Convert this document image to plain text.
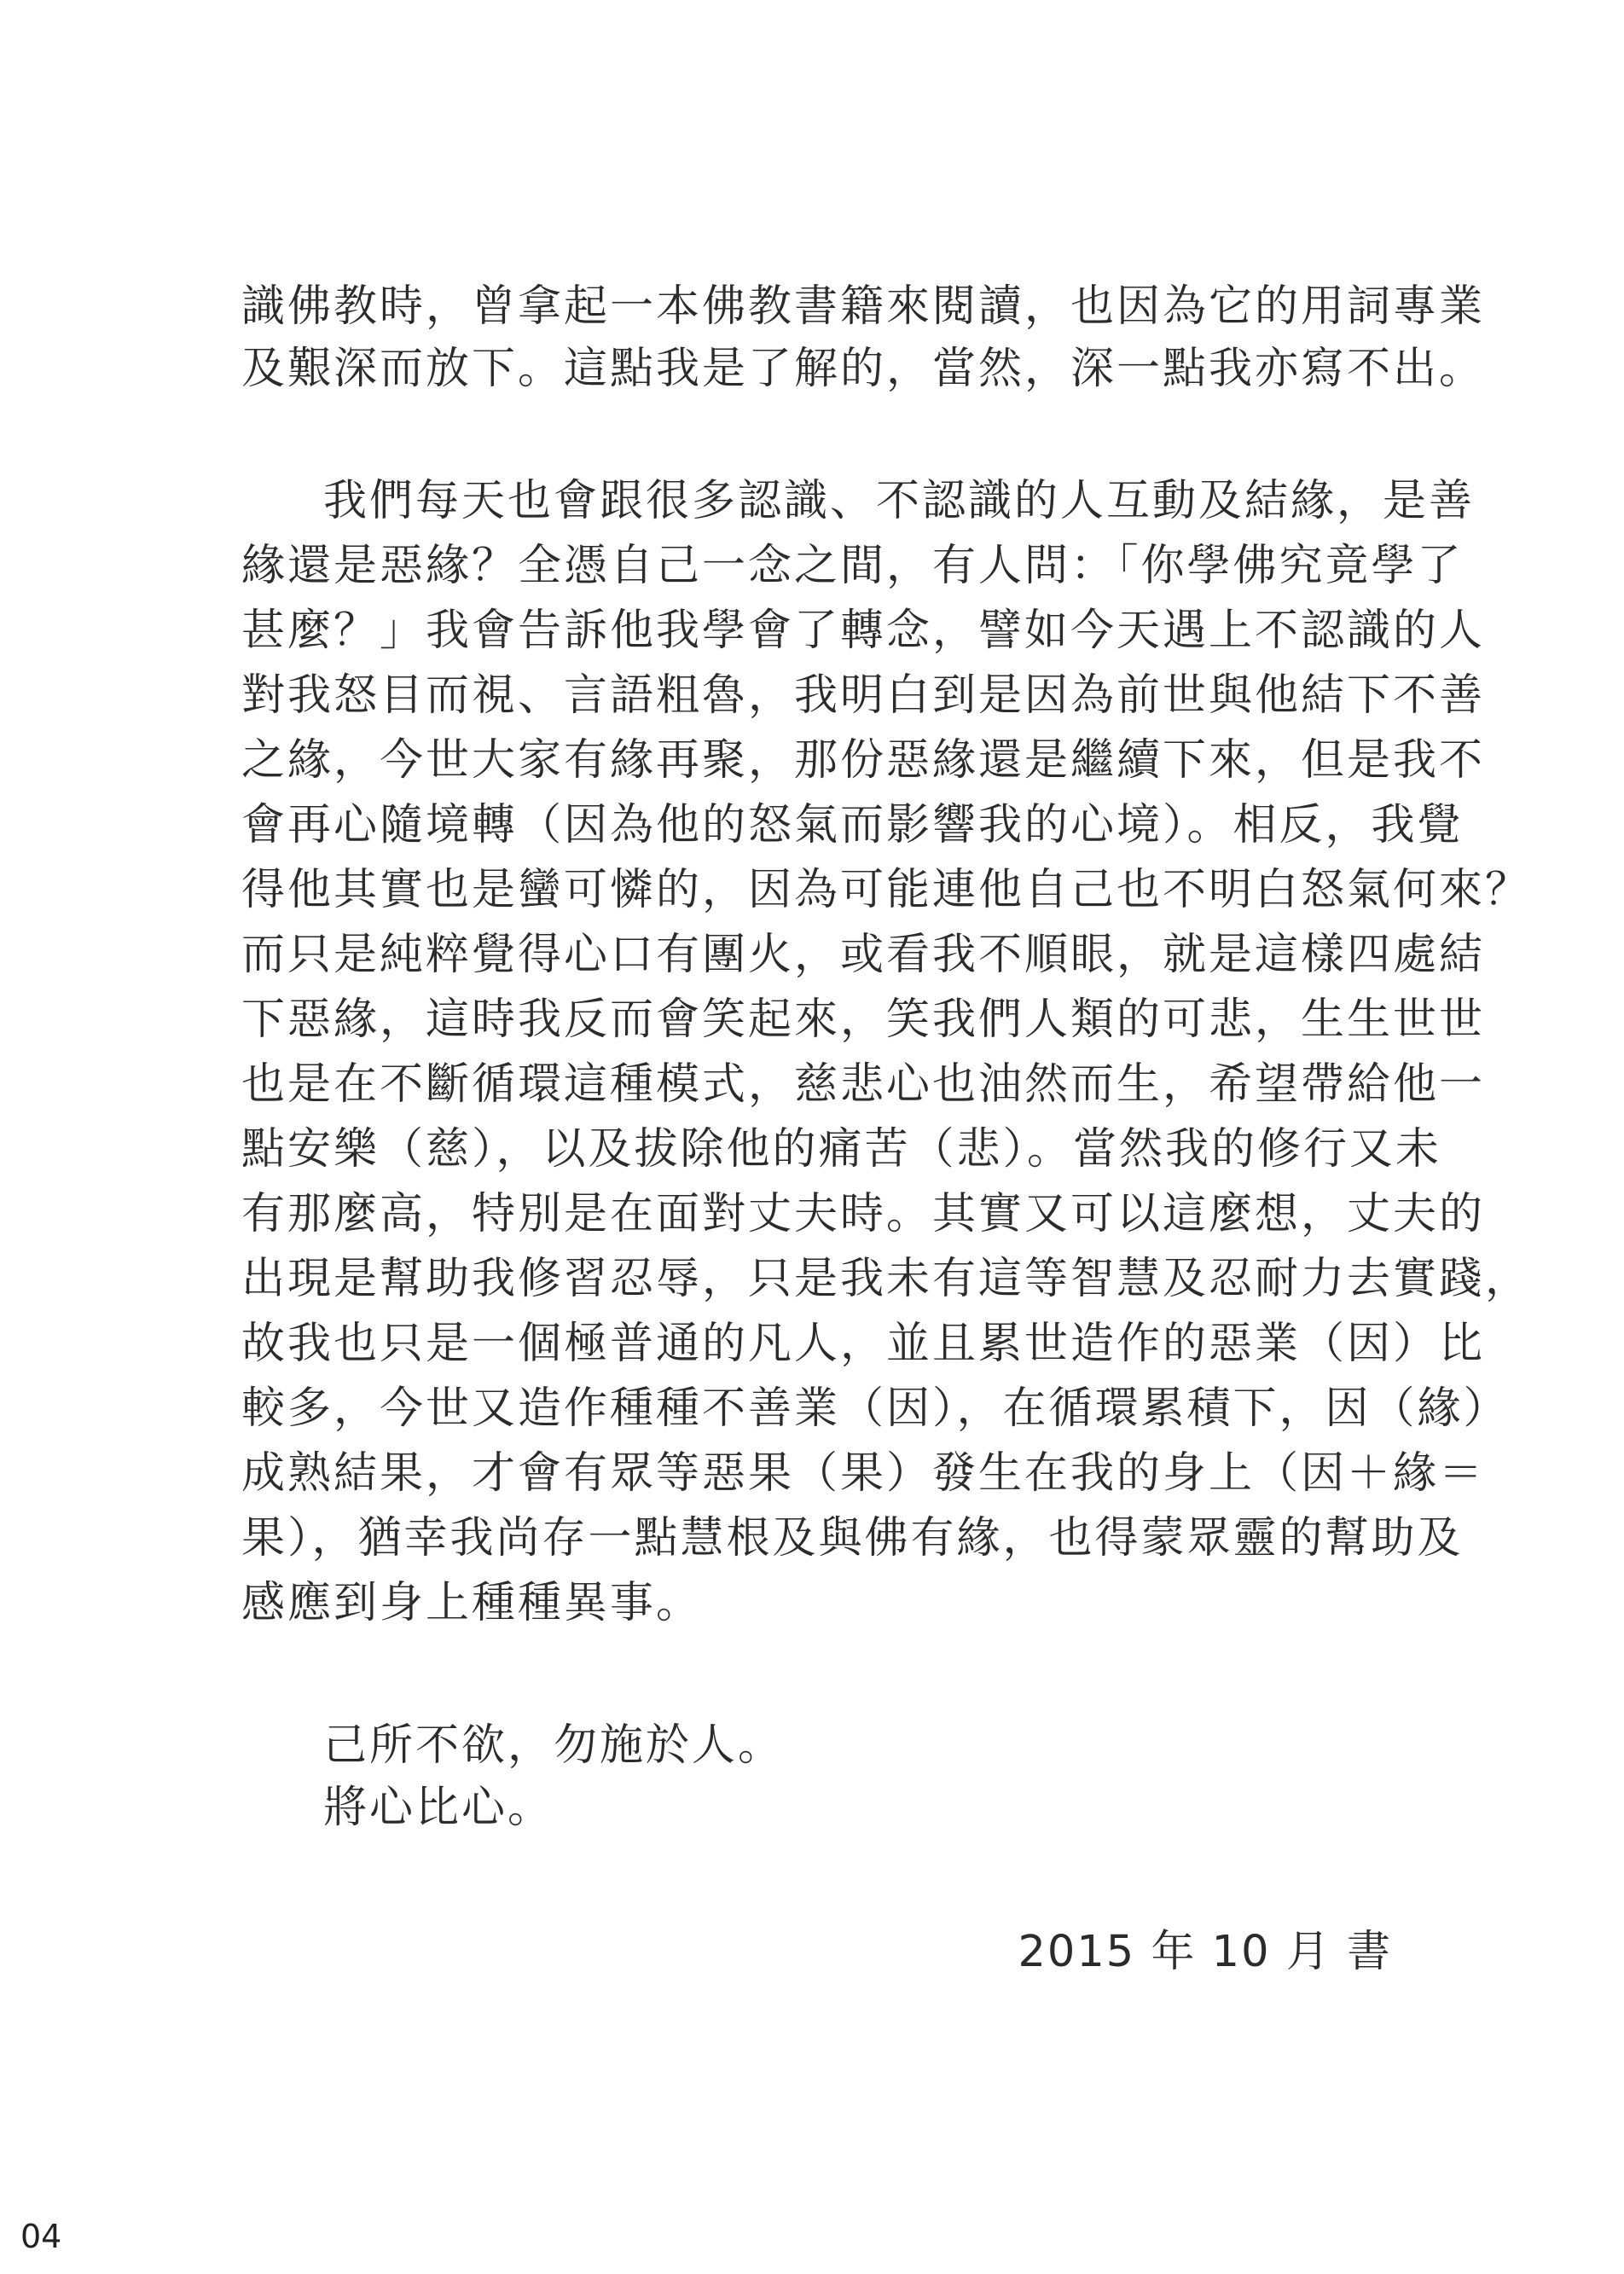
識佛教時，曾拿起一本佛教書籍來閱讀，也因為它的用詞專業
及艱深而放下。這點我是了解的，當然，深一點我亦寫不出。
我們每天也會跟很多認識、不認識的人互動及結緣，是善
緣還是惡緣？全憑自己一念之間，有人問：「你學佛究竟學了
甚麼？」我會告訴他我學會了轉念，譬如今天遇上不認識的人
對我怒目而視、言語粗魯，我明白到是因為前世與他結下不善
之緣，今世大家有緣再聚，那份惡緣還是繼續下來，但是我不
會再心隨境轉（因為他的怒氣而影響我的心境）。相反，我覺
得他其實也是蠻可憐的，因為可能連他自己也不明白怒氣何來？
而只是純粹覺得心口有團火，或看我不順眼，就是這樣四處結
下惡緣，這時我反而會笑起來，笑我們人類的可悲，生生世世
也是在不斷循環這種模式，慈悲心也油然而生，希望帶給他一
點安樂（慈），以及拔除他的痛苦（悲）。當然我的修行又未
有那麼高，特別是在面對丈夫時。其實又可以這麼想，丈夫的
出現是幫助我修習忍辱，只是我未有這等智慧及忍耐力去實踐，
故我也只是一個極普通的凡人，並且累世造作的惡業（因）比
較多，今世又造作種種不善業（因），在循環累積下，因（緣）
成熟結果，才會有眾等惡果（果）發生在我的身上（因＋緣＝
果），猶幸我尚存一點慧根及與佛有緣，也得蒙眾靈的幫助及
感應到身上種種異事。
己所不欲，勿施於人。
將心比心。
2015 年 10 月 書
04
